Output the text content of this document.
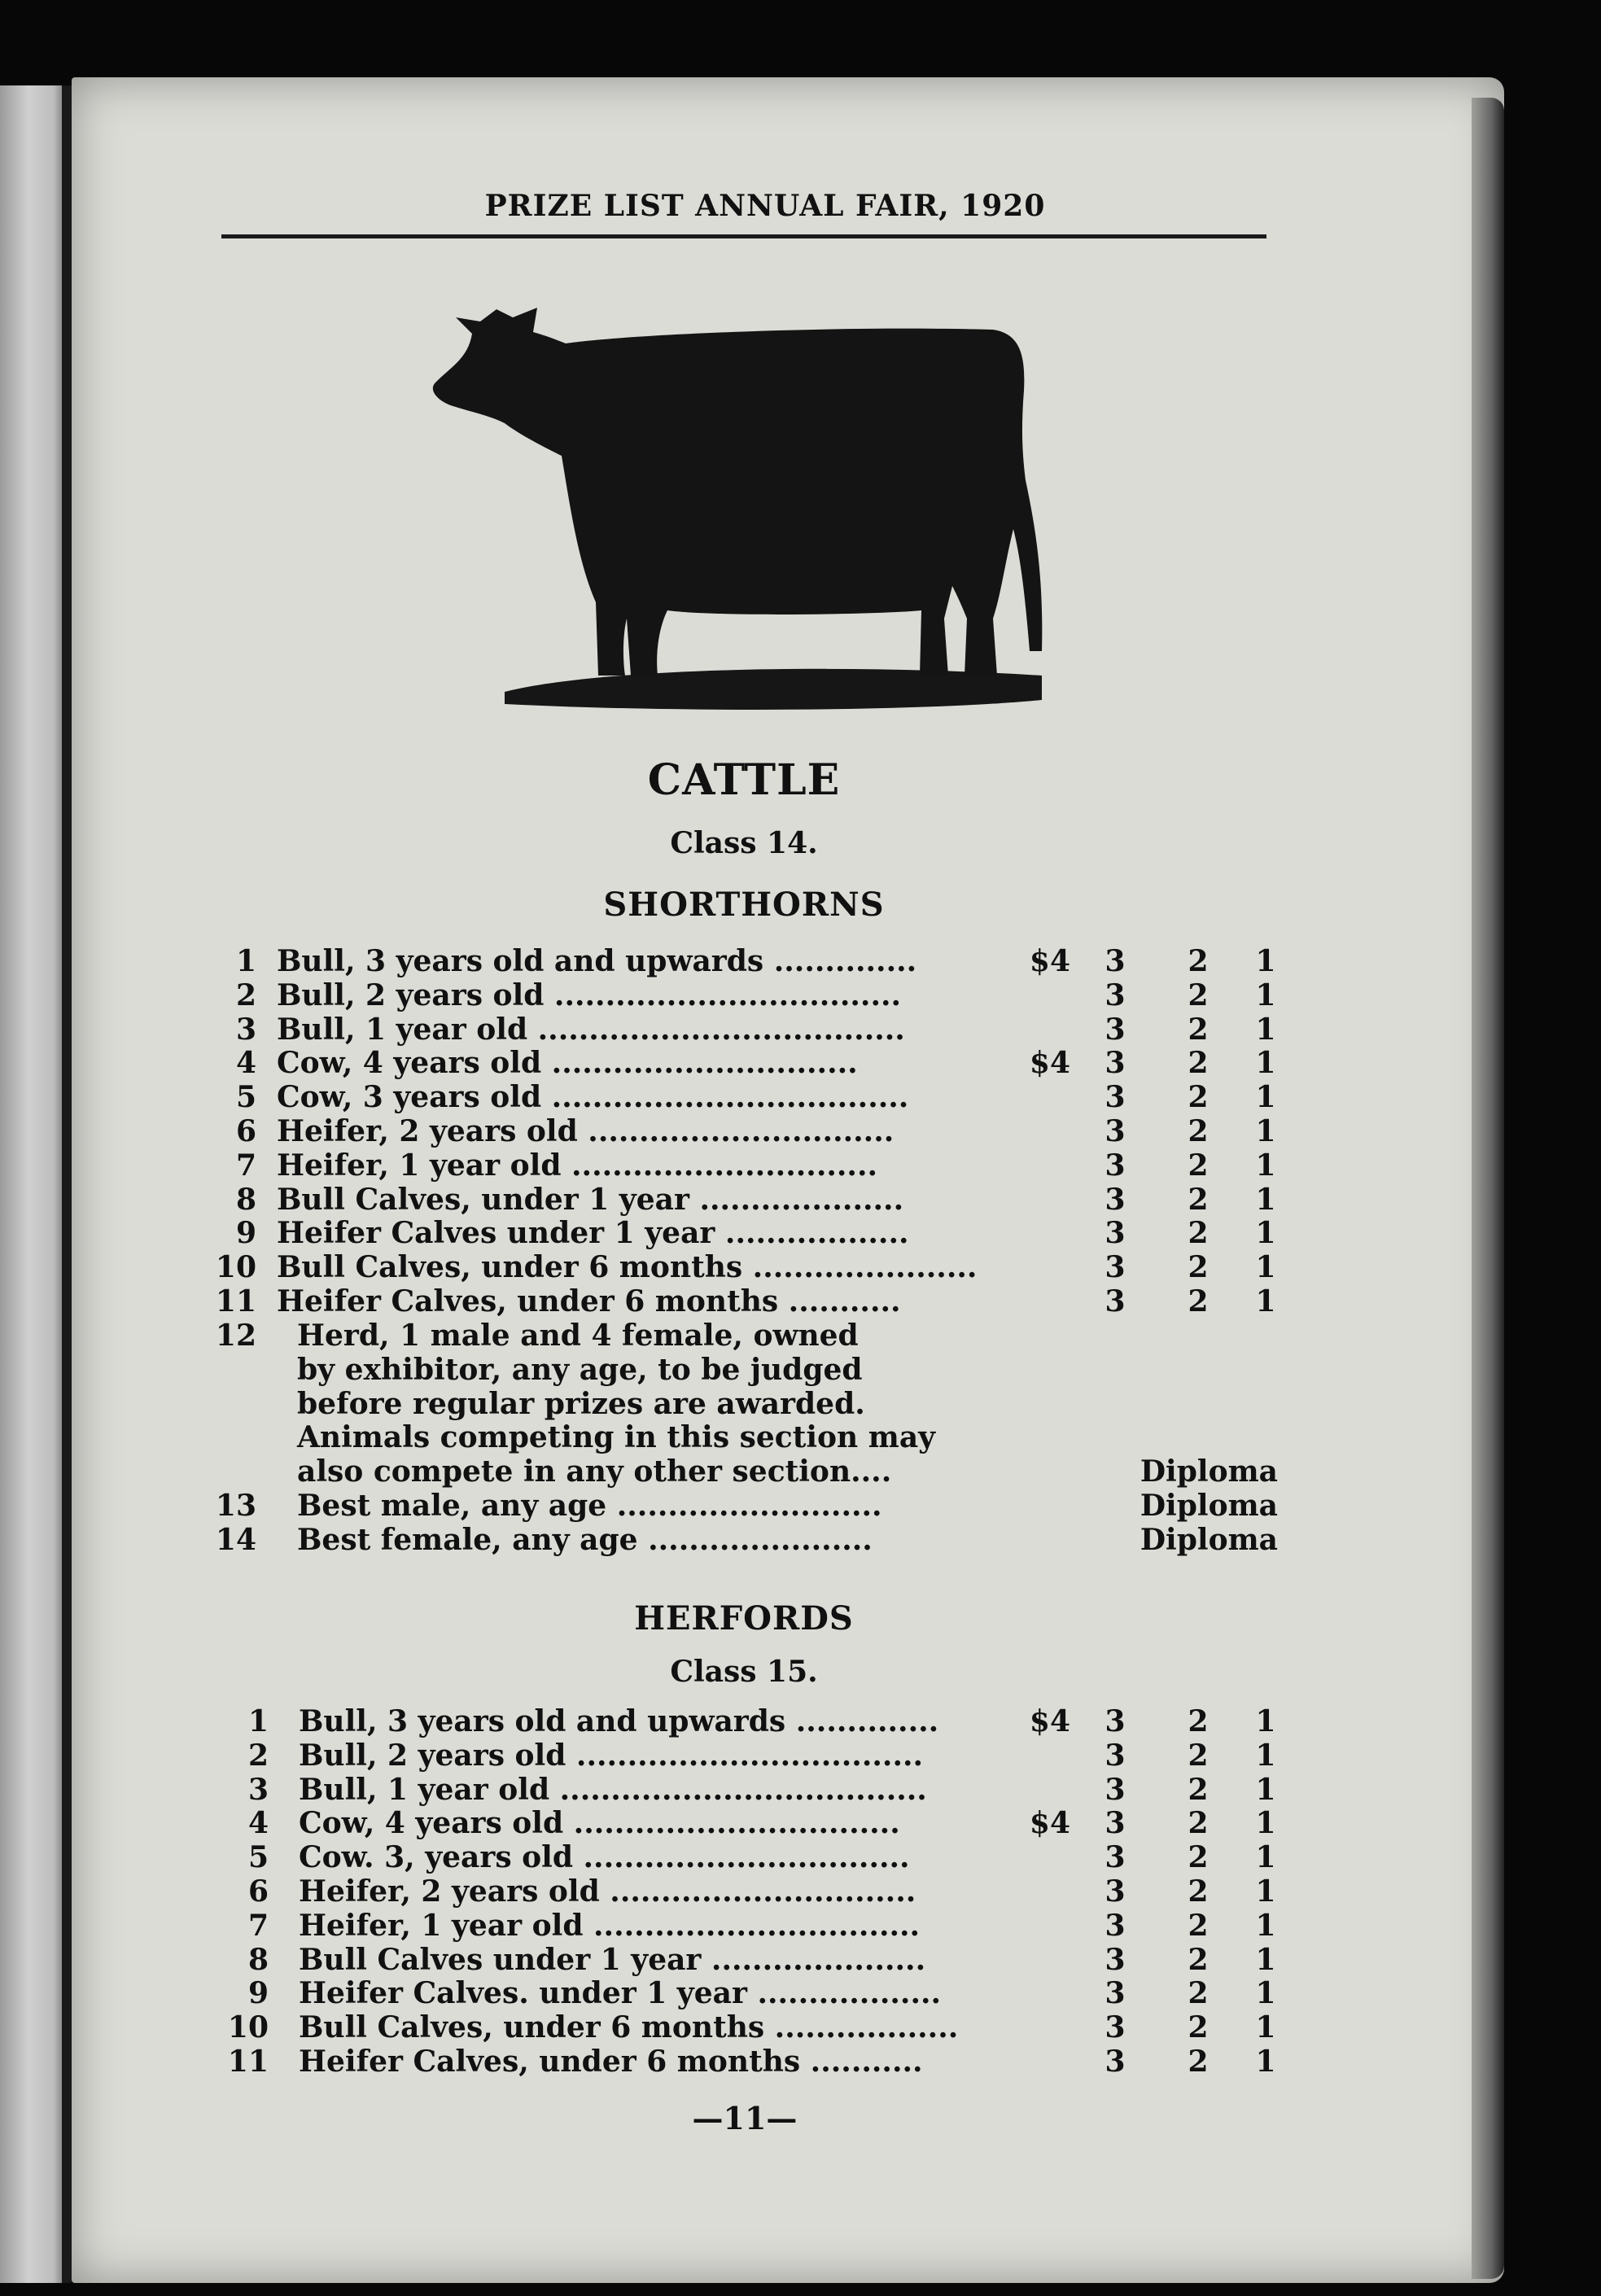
PRIZE LIST ANNUAL FAIR, 1920
CATTLE
Class 14.
SHORTHORNS
1 Bull, 3 years old and upwards ..............	$4 3 2 1
2 Bull, 2 years old ..................................	3 2 1
3 Bull, 1 year old ....................................	3 2 1
4 Cow, 4 years old ..............................	$4 3 2 1
5 Cow, 3 years old ...................................	3 2 1
6 Heifer, 2 years old ..............................	3 2 1
7 Heifer, 1 year old ..............................	3 2 1
8 Bull Calves, under 1 year ....................	3 2 1
9 Heifer Calves under 1 year ..................	3 2 1
10 Bull Calves, under 6 months ......................	3 2 1
11 Heifer Calves, under 6 months ...........	3 2 1
12 Herd, 1 male and 4 female, owned
by exhibitor, any age, to be judged
before regular prizes are awarded.
Animals competing in this section may
also compete in any other section....	Diploma
13 Best male, any age ..........................	Diploma
14 Best female, any age ......................	Diploma
HERFORDS
Class 15.
1 Bull, 3 years old and upwards ..............	$4 3 2 1
2 Bull, 2 years old ..................................	3 2 1
3 Bull, 1 year old ....................................	3 2 1
4 Cow, 4 years old ................................	$4 3 2 1
5 Cow. 3, years old ................................	3 2 1
6 Heifer, 2 years old ..............................	3 2 1
7 Heifer, 1 year old ................................	3 2 1
8 Bull Calves under 1 year .....................	3 2 1
9 Heifer Calves. under 1 year ..................	3 2 1
10 Bull Calves, under 6 months ..................	3 2 1
11 Heifer Calves, under 6 months ...........	3 2 1
—11—
